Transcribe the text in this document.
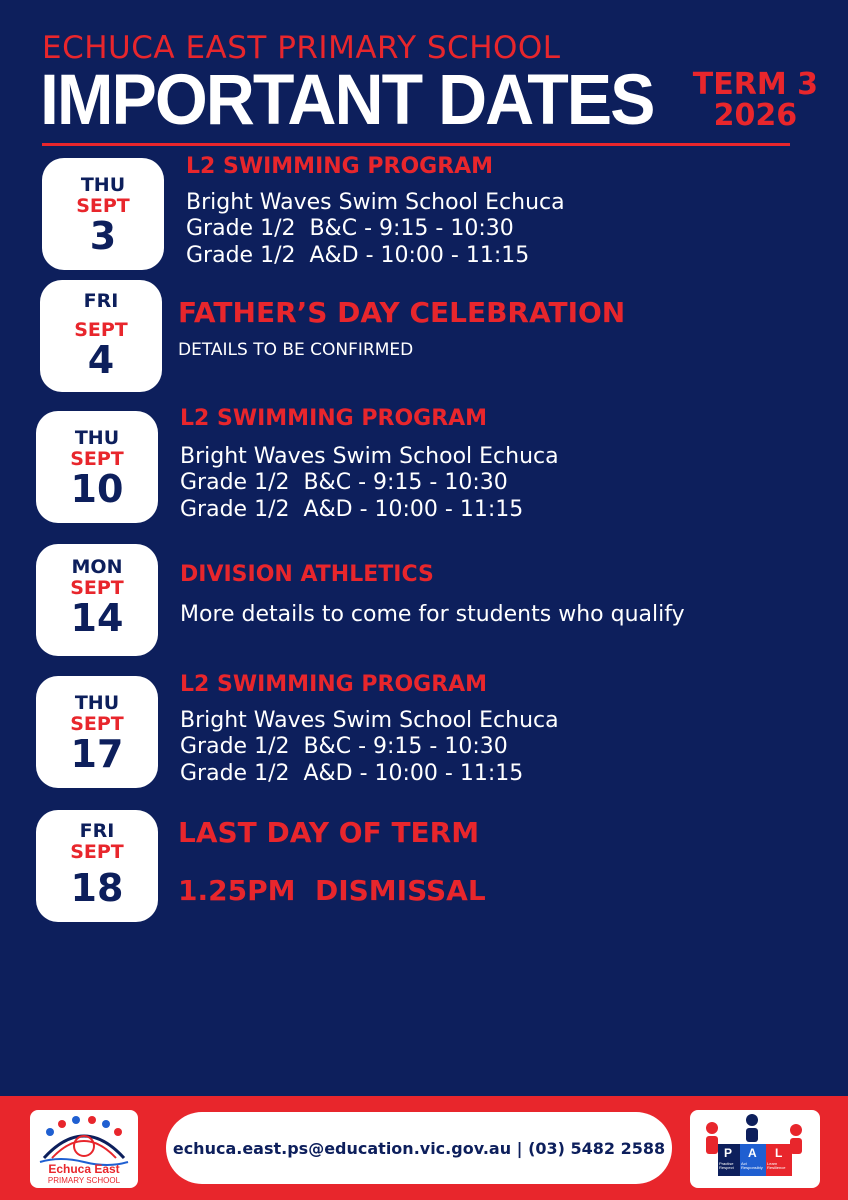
ECHUCA EAST PRIMARY SCHOOL
IMPORTANT DATES TERM 3
2026
THU
SEPT
3
L2 SWIMMING PROGRAM
Bright Waves Swim School Echuca
Grade 1/2  B&C - 9:15 - 10:30
Grade 1/2  A&D - 10:00 - 11:15
FRI
SEPT
4
FATHER’S DAY CELEBRATION
DETAILS TO BE CONFIRMED
THU
SEPT
10
L2 SWIMMING PROGRAM
Bright Waves Swim School Echuca
Grade 1/2  B&C - 9:15 - 10:30
Grade 1/2  A&D - 10:00 - 11:15
MON
SEPT
14
DIVISION ATHLETICS
More details to come for students who qualify
THU
SEPT
17
L2 SWIMMING PROGRAM
Bright Waves Swim School Echuca
Grade 1/2  B&C - 9:15 - 10:30
Grade 1/2  A&D - 10:00 - 11:15
FRI
SEPT
18
LAST DAY OF TERM
1.25PM  DISMISSAL
Echuca East
PRIMARY SCHOOL
echuca.east.ps@education.vic.gov.au | (03) 5482 2588	P A L
Practise Respect
Act Responsibly
Learn Resilience
